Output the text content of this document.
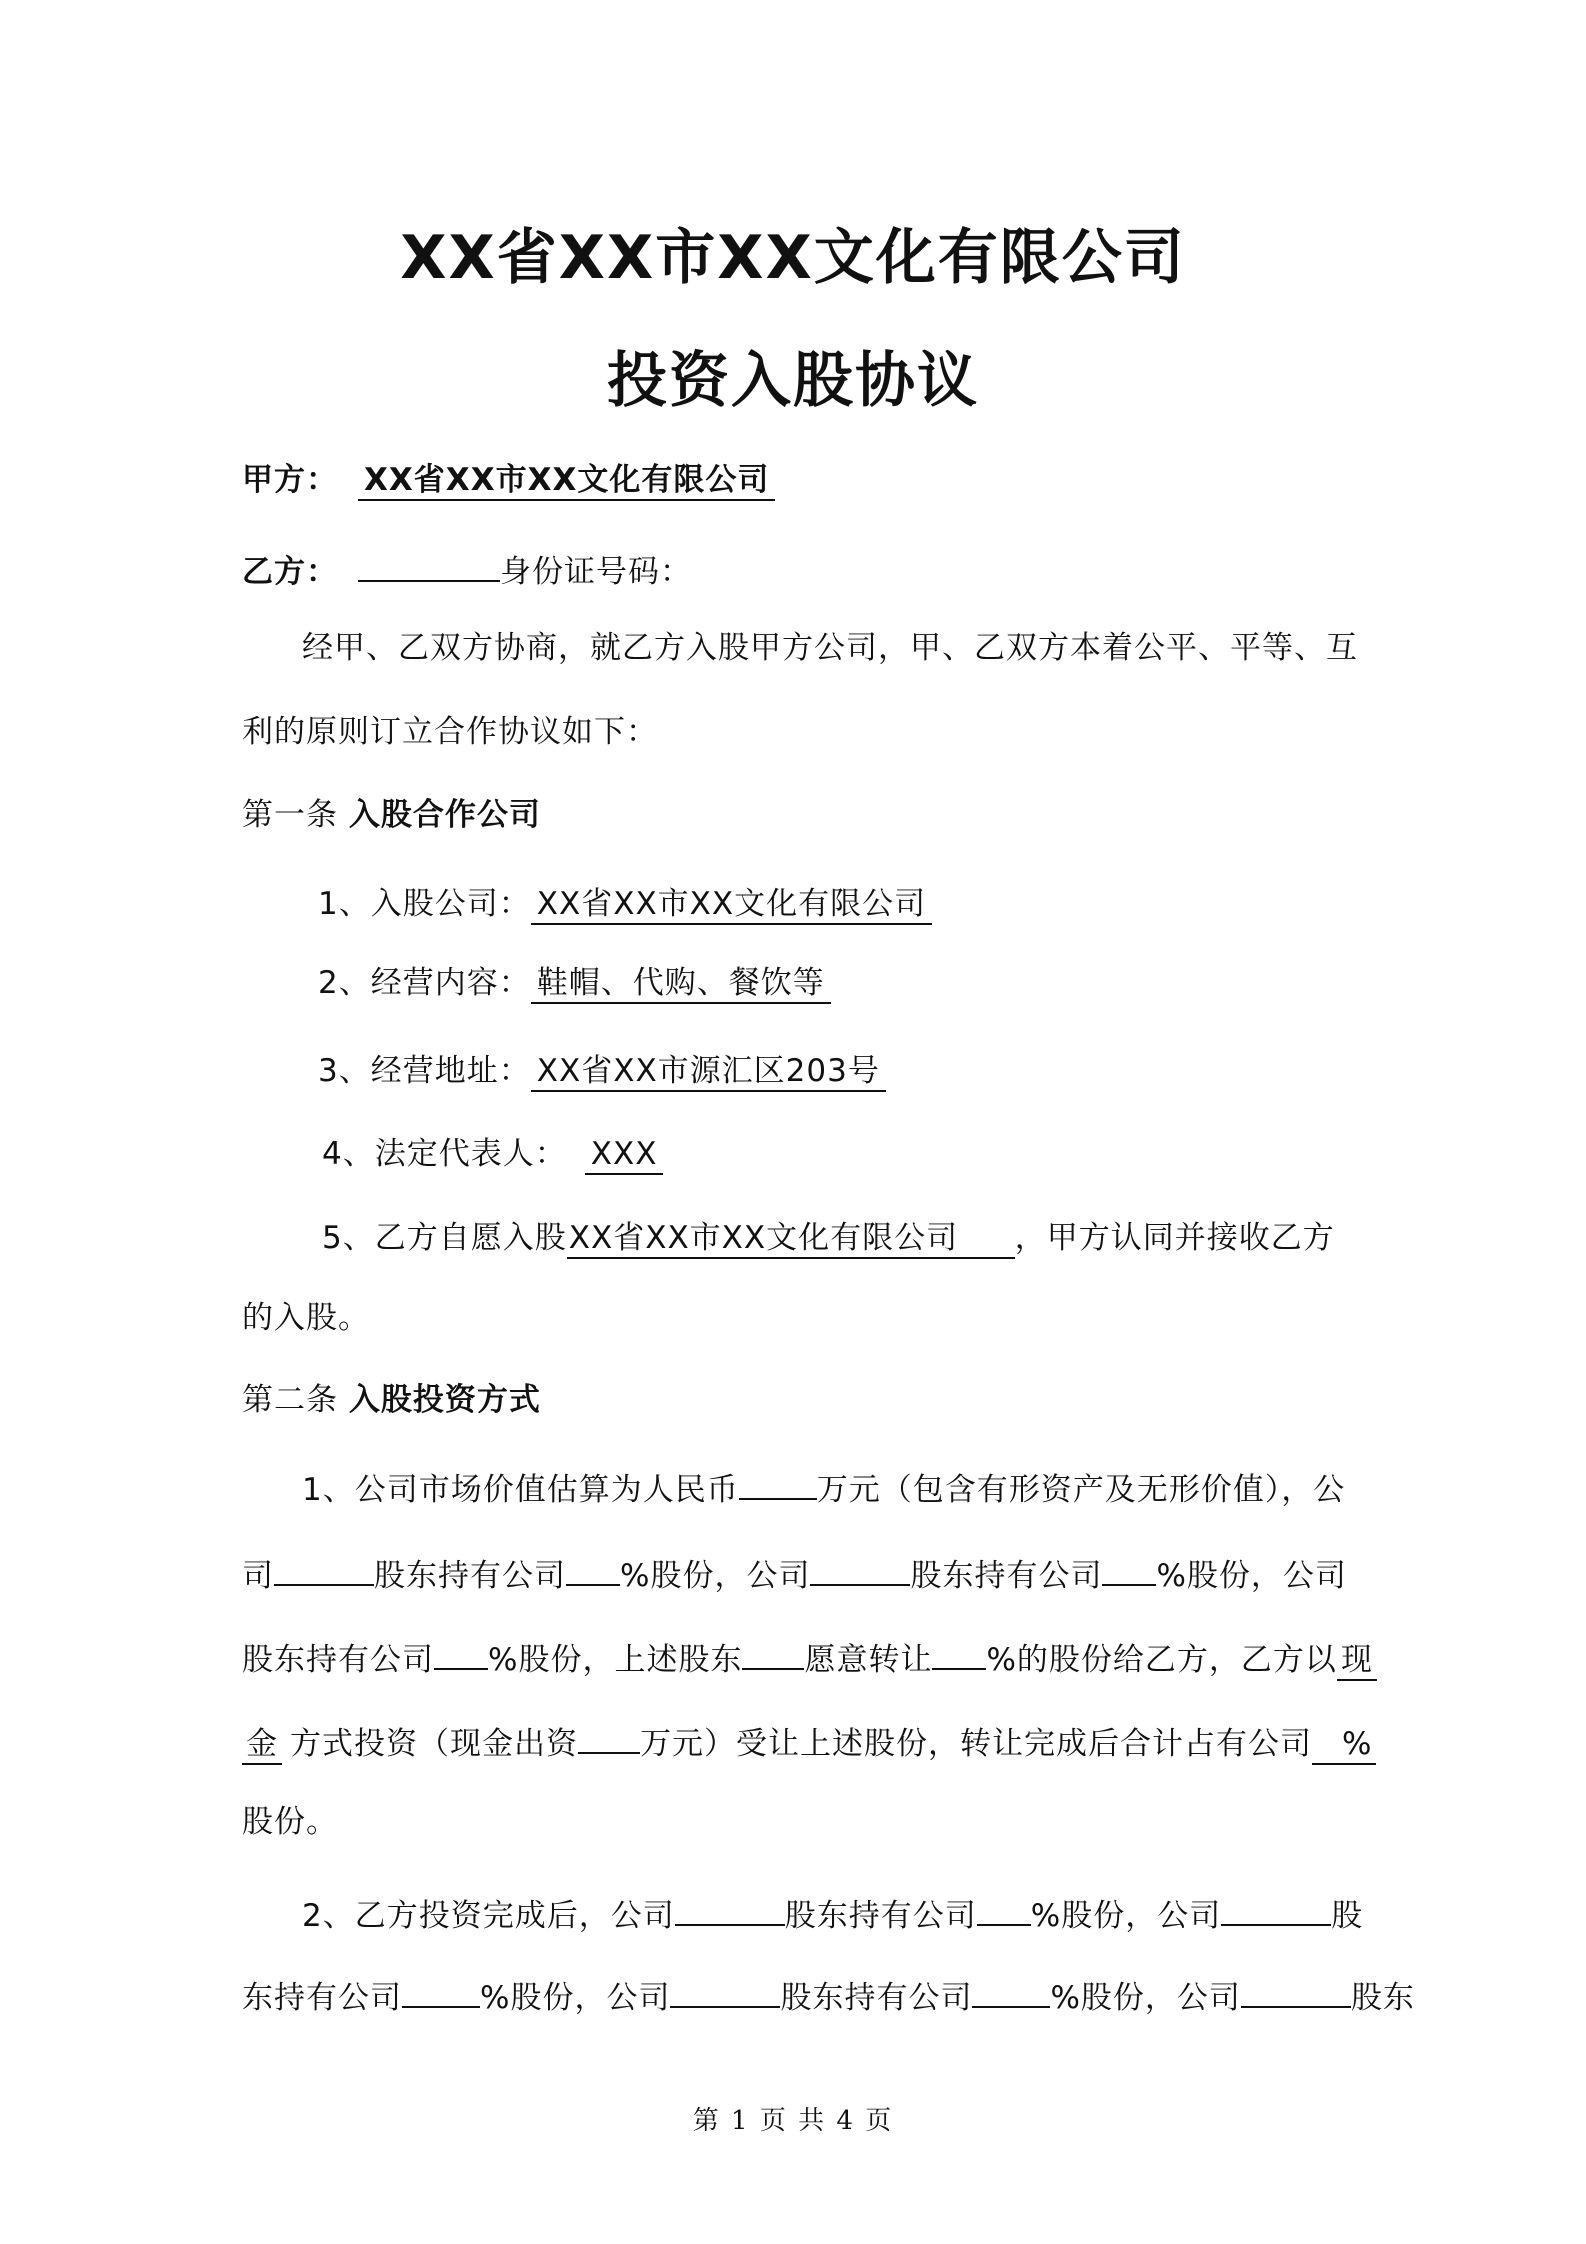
XX省XX市XX文化有限公司
投资入股协议
甲方： XX省XX市XX文化有限公司
乙方：	身份证号码：
经甲、乙双方协商，就乙方入股甲方公司，甲、乙双方本着公平、平等、互
利的原则订立合作协议如下：
第一条 入股合作公司
1、入股公司： XX省XX市XX文化有限公司
2、经营内容： 鞋帽、代购、餐饮等
3、经营地址： XX省XX市源汇区203号
4、法定代表人： XXX
5、乙方自愿入股XX省XX市XX文化有限公司 ，甲方认同并接收乙方
的入股。
第二条 入股投资方式
1、公司市场价值估算为人民币	万元（包含有形资产及无形价值），公
司	股东持有公司 %股份，公司	股东持有公司 %股份，公司
股东持有公司 %股份，上述股东 愿意转让 %的股份给乙方，乙方以 现
金 方式投资（现金出资 万元）受让上述股份，转让完成后合计占有公司 %
股份。
2、乙方投资完成后，公司	股东持有公司 %股份，公司	股
东持有公司	%股份，公司	股东持有公司	%股份，公司	股东
第 1 页 共 4 页
